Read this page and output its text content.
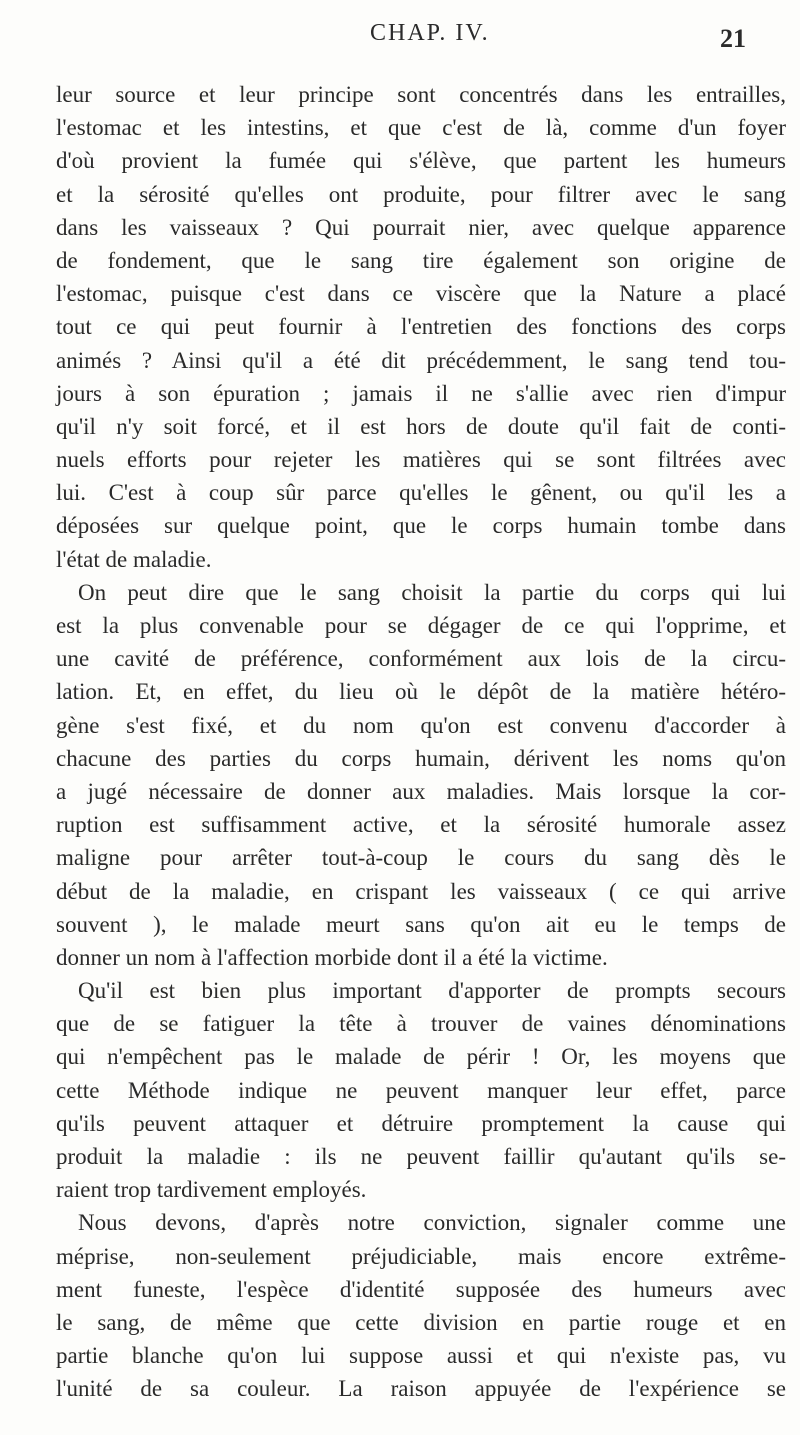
CHAP. IV.	21
leur source et leur principe sont concentrés dans les entrailles,
l'estomac et les intestins, et que c'est de là, comme d'un foyer
d'où provient la fumée qui s'élève, que partent les humeurs
et la sérosité qu'elles ont produite, pour filtrer avec le sang
dans les vaisseaux ? Qui pourrait nier, avec quelque apparence
de fondement, que le sang tire également son origine de
l'estomac, puisque c'est dans ce viscère que la Nature a placé
tout ce qui peut fournir à l'entretien des fonctions des corps
animés ? Ainsi qu'il a été dit précédemment, le sang tend tou-
jours à son épuration ; jamais il ne s'allie avec rien d'impur
qu'il n'y soit forcé, et il est hors de doute qu'il fait de conti-
nuels efforts pour rejeter les matières qui se sont filtrées avec
lui. C'est à coup sûr parce qu'elles le gênent, ou qu'il les a
déposées sur quelque point, que le corps humain tombe dans
l'état de maladie.
On peut dire que le sang choisit la partie du corps qui lui
est la plus convenable pour se dégager de ce qui l'opprime, et
une cavité de préférence, conformément aux lois de la circu-
lation. Et, en effet, du lieu où le dépôt de la matière hétéro-
gène s'est fixé, et du nom qu'on est convenu d'accorder à
chacune des parties du corps humain, dérivent les noms qu'on
a jugé nécessaire de donner aux maladies. Mais lorsque la cor-
ruption est suffisamment active, et la sérosité humorale assez
maligne pour arrêter tout-à-coup le cours du sang dès le
début de la maladie, en crispant les vaisseaux ( ce qui arrive
souvent ), le malade meurt sans qu'on ait eu le temps de
donner un nom à l'affection morbide dont il a été la victime.
Qu'il est bien plus important d'apporter de prompts secours
que de se fatiguer la tête à trouver de vaines dénominations
qui n'empêchent pas le malade de périr ! Or, les moyens que
cette Méthode indique ne peuvent manquer leur effet, parce
qu'ils peuvent attaquer et détruire promptement la cause qui
produit la maladie : ils ne peuvent faillir qu'autant qu'ils se-
raient trop tardivement employés.
Nous devons, d'après notre conviction, signaler comme une
méprise, non-seulement préjudiciable, mais encore extrême-
ment funeste, l'espèce d'identité supposée des humeurs avec
le sang, de même que cette division en partie rouge et en
partie blanche qu'on lui suppose aussi et qui n'existe pas, vu
l'unité de sa couleur. La raison appuyée de l'expérience se
